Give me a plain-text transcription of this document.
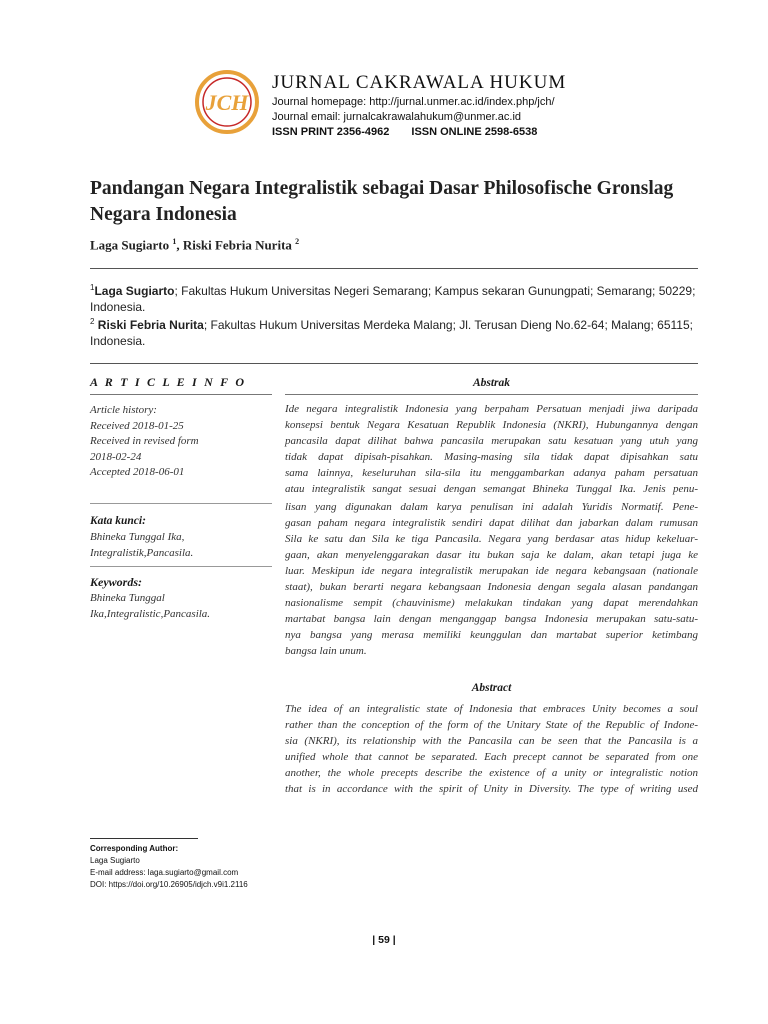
JCH
JURNAL CAKRAWALA HUKUM
Journal homepage: http://jurnal.unmer.ac.id/index.php/jch/
Journal email: jurnalcakrawalahukum@unmer.ac.id
ISSN PRINT 2356-4962 ISSN ONLINE 2598-6538
Pandangan Negara Integralistik sebagai Dasar Philosofische Gronslag Negara Indonesia
Laga Sugiarto $^1$, Riski Febria Nurita $^2$
$^1$Laga Sugiarto; Fakultas Hukum Universitas Negeri Semarang; Kampus sekaran Gunungpati; Semarang; 50229; Indonesia.
$^2$ Riski Febria Nurita; Fakultas Hukum Universitas Merdeka Malang; Jl. Terusan Dieng No.62-64; Malang; 65115; Indonesia.
A R T I C L E I N F O
Article history:
Received 2018-01-25
Received in revised form
2018-02-24
Accepted 2018-06-01
Kata kunci:
Bhineka Tunggal Ika,
Integralistik,Pancasila.
Keywords:
Bhineka Tunggal
Ika,Integralistic,Pancasila.
Abstrak
Ide negara integralistik Indonesia yang berpaham Persatuan menjadi jiwa daripada
konsepsi bentuk Negara Kesatuan Republik Indonesia (NKRI), Hubungannya dengan
pancasila dapat dilihat bahwa pancasila merupakan satu kesatuan yang utuh yang
tidak dapat dipisah-pisahkan. Masing-masing sila tidak dapat dipisahkan satu
sama lainnya, keseluruhan sila-sila itu menggambarkan adanya paham persatuan
atau integralistik sangat sesuai dengan semangat Bhineka Tunggal Ika. Jenis penu-
lisan yang digunakan dalam karya penulisan ini adalah Yuridis Normatif. Pene-
gasan paham negara integralistik sendiri dapat dilihat dan jabarkan dalam rumusan
Sila ke satu dan Sila ke tiga Pancasila. Negara yang berdasar atas hidup kekeluar-
gaan, akan menyelenggarakan dasar itu bukan saja ke dalam, akan tetapi juga ke
luar. Meskipun ide negara integralistik merupakan ide negara kebangsaan (nationale
staat), bukan berarti negara kebangsaan Indonesia dengan segala alasan pandangan
nasionalisme sempit (chauvinisme) melakukan tindakan yang dapat merendahkan
martabat bangsa lain dengan menganggap bangsa Indonesia merupakan satu-satu-
nya bangsa yang merasa memiliki keunggulan dan martabat superior ketimbang
bangsa lain unum.
Abstract
The idea of an integralistic state of Indonesia that embraces Unity becomes a soul
rather than the conception of the form of the Unitary State of the Republic of Indone-
sia (NKRI), its relationship with the Pancasila can be seen that the Pancasila is a
unified whole that cannot be separated. Each precept cannot be separated from one
another, the whole precepts describe the existence of a unity or integralistic notion
that is in accordance with the spirit of Unity in Diversity. The type of writing used
Corresponding Author:
Laga Sugiarto
E-mail address: laga.sugiarto@gmail.com
DOI: https://doi.org/10.26905/idjch.v9i1.2116
| 59 |
